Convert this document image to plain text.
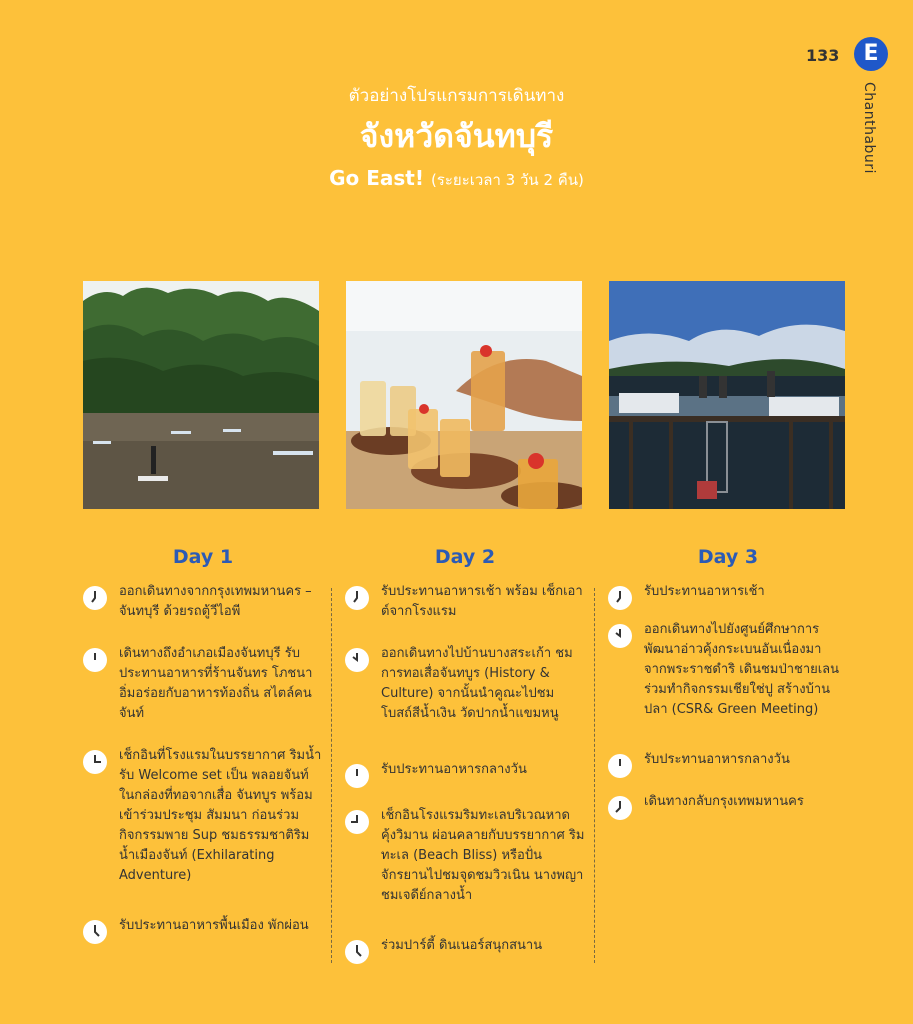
133	E
Chanthaburi
ตัวอย่างโปรแกรมการเดินทาง
จังหวัดจันทบุรี
Go East! (ระยะเวลา 3 วัน 2 คืน)
Day 1
ออกเดินทางจากกรุงเทพมหานคร – จันทบุรี ด้วยรถตู้วีไอพี
เดินทางถึงอำเภอเมืองจันทบุรี รับประทานอาหารที่ร้านจันทร โภชนา อิ่มอร่อยกับอาหารท้องถิ่น สไตล์คนจันท์
เช็กอินที่โรงแรมในบรรยากาศ ริมน้ำ รับ Welcome set เป็น พลอยจันท์ในกล่องที่ทอจากเสื่อ จันทบูร พร้อมเข้าร่วมประชุม สัมมนา ก่อนร่วมกิจกรรมพาย Sup ชมธรรมชาติริมน้ำเมืองจันท์ (Exhilarating Adventure)
รับประทานอาหารพื้นเมือง พักผ่อน
Day 2
รับประทานอาหารเช้า พร้อม เช็กเอาต์จากโรงแรม
ออกเดินทางไปบ้านบางสระเก้า ชมการทอเสื่อจันทบูร (History & Culture) จากนั้นนำคูณะไปชม โบสถ์สีน้ำเงิน วัดปากน้ำแขมหนู
รับประทานอาหารกลางวัน
เช็กอินโรงแรมริมทะเลบริเวณหาด คุ้งวิมาน ผ่อนคลายกับบรรยากาศ ริมทะเล (Beach Bliss) หรือปั่น จักรยานไปชมจุดชมวิวเนิน นางพญา ชมเจดีย์กลางน้ำ
ร่วมปาร์ตี้ ดินเนอร์สนุกสนาน
Day 3
รับประทานอาหารเช้า
ออกเดินทางไปยังศูนย์ศึกษาการ พัฒนาอ่าวคุ้งกระเบนอันเนื่องมา จากพระราชดำริ เดินชมป่าชายเลน ร่วมทำกิจกรรมเชียใช่ปู สร้างบ้าน ปลา (CSR& Green Meeting)
รับประทานอาหารกลางวัน
เดินทางกลับกรุงเทพมหานคร
